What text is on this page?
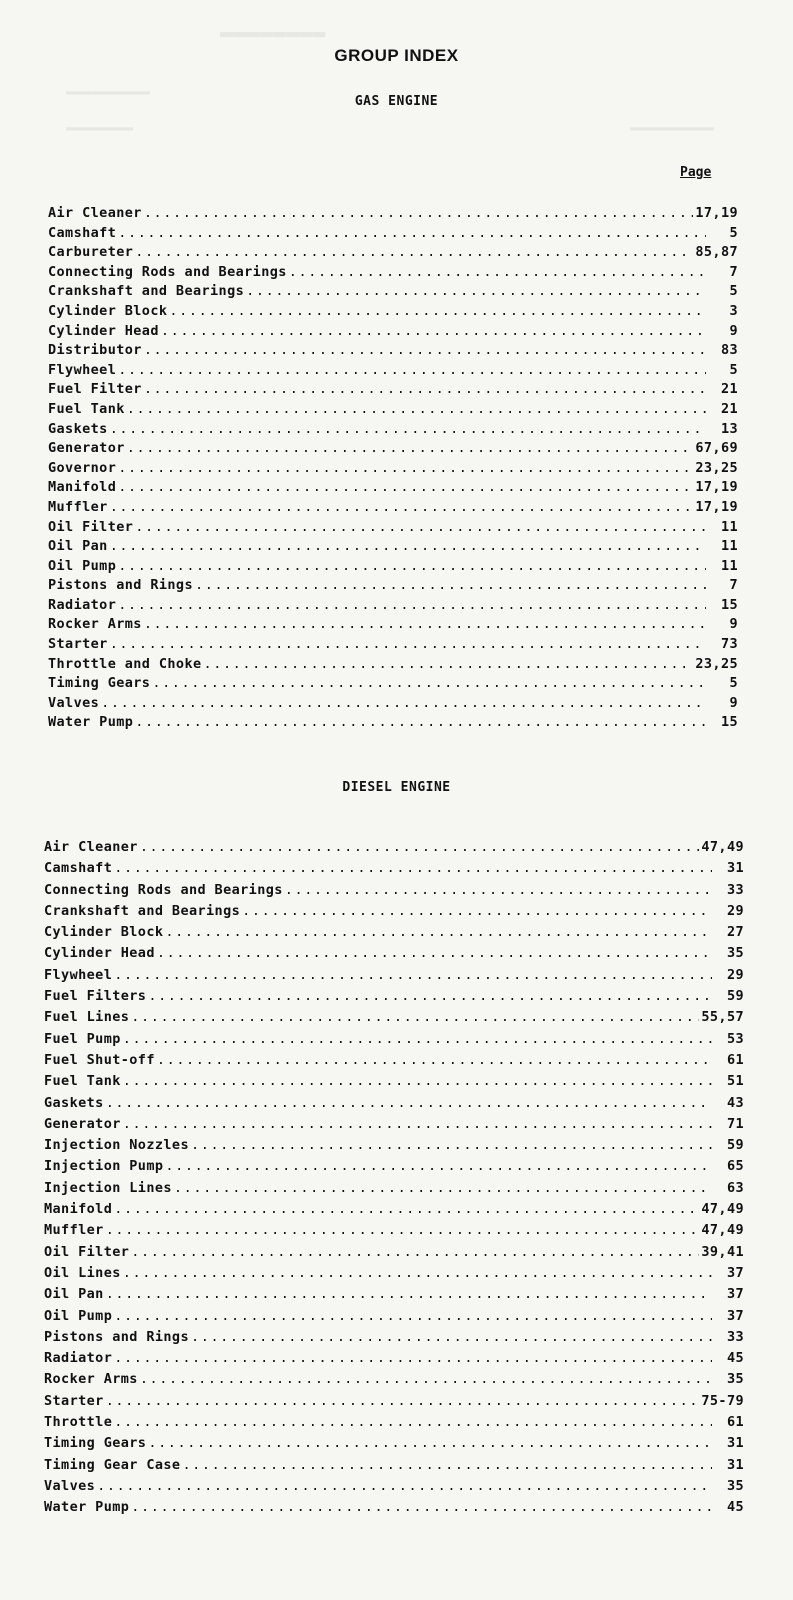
▬▬▬▬▬▬▬▬
▬▬▬▬▬▬▬▬▬▬
▬▬▬▬▬▬▬▬	▬▬▬▬▬▬▬▬▬▬
GROUP INDEX
GAS ENGINE
Page
Air Cleaner .....	17,19
Camshaft .....	5
Carbureter .....	85,87
Connecting Rods and Bearings .....	7
Crankshaft and Bearings .....	5
Cylinder Block .....	3
Cylinder Head .....	9
Distributor .....	83
Flywheel .....	5
Fuel Filter .....	21
Fuel Tank .....	21
Gaskets .....	13
Generator .....	67,69
Governor .....	23,25
Manifold .....	17,19
Muffler .....	17,19
Oil Filter .....	11
Oil Pan .....	11
Oil Pump .....	11
Pistons and Rings .....	7
Radiator .....	15
Rocker Arms .....	9
Starter .....	73
Throttle and Choke .....	23,25
Timing Gears .....	5
Valves .....	9
Water Pump .....	15
DIESEL ENGINE
Air Cleaner .....	47,49
Camshaft .....	31
Connecting Rods and Bearings .....	33
Crankshaft and Bearings .....	29
Cylinder Block .....	27
Cylinder Head .....	35
Flywheel .....	29
Fuel Filters .....	59
Fuel Lines .....	55,57
Fuel Pump .....	53
Fuel Shut-off .....	61
Fuel Tank .....	51
Gaskets .....	43
Generator .....	71
Injection Nozzles .....	59
Injection Pump .....	65
Injection Lines .....	63
Manifold .....	47,49
Muffler .....	47,49
Oil Filter .....	39,41
Oil Lines .....	37
Oil Pan .....	37
Oil Pump .....	37
Pistons and Rings .....	33
Radiator .....	45
Rocker Arms .....	35
Starter .....	75-79
Throttle .....	61
Timing Gears .....	31
Timing Gear Case .....	31
Valves .....	35
Water Pump .....	45
